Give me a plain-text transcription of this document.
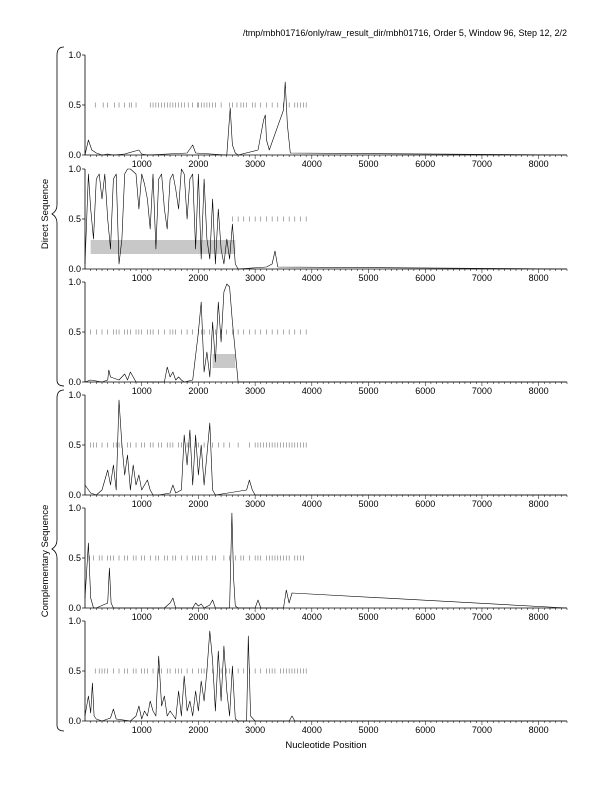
/tmp/mbh01716/only/raw_result_dir/mbh01716, Order 5, Window 96, Step 12, 2/2
0.0
0.5
1.0
1000	2000	3000	4000	5000	6000	7000	8000
0.0
0.5
1.0
1000	2000	3000	4000	5000	6000	7000	8000
0.0
0.5
1.0
1000	2000	3000	4000	5000	6000	7000	8000
0.0
0.5
1.0
1000	2000	3000	4000	5000	6000	7000	8000
0.0
0.5
1.0
1000	2000	3000	4000	5000	6000	7000	8000
0.0
0.5
1.0
1000	2000	3000	4000	5000	6000	7000	8000
Direct Sequence
Complementary Sequence
Nucleotide Position
